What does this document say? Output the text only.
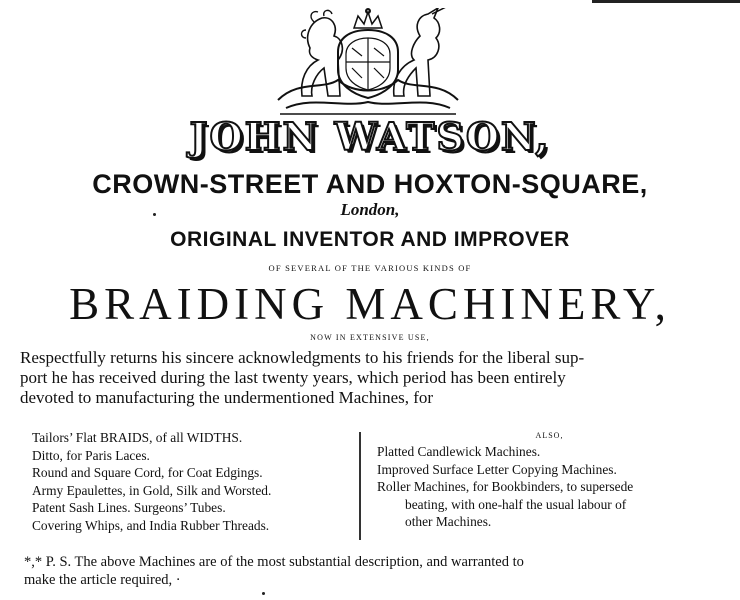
JOHN WATSON,
CROWN-STREET AND HOXTON-SQUARE,
London,
ORIGINAL INVENTOR AND IMPROVER
OF SEVERAL OF THE VARIOUS KINDS OF
BRAIDING MACHINERY,
NOW IN EXTENSIVE USE,
Respectfully returns his sincere acknowledgments to his friends for the liberal sup-
port he has received during the last twenty years, which period has been entirely
devoted to manufacturing the undermentioned Machines, for
Tailors’ Flat BRAIDS, of all WIDTHS.
Ditto, for Paris Laces.
Round and Square Cord, for Coat Edgings.
Army Epaulettes, in Gold, Silk and Worsted.
Patent Sash Lines. Surgeons’ Tubes.
Covering Whips, and India Rubber Threads.
ALSO,
Platted Candlewick Machines.
Improved Surface Letter Copying Machines.
Roller Machines, for Bookbinders, to supersede
beating, with one-half the usual labour of
other Machines.
*,* P. S. The above Machines are of the most substantial description, and warranted to
make the article required, ·
